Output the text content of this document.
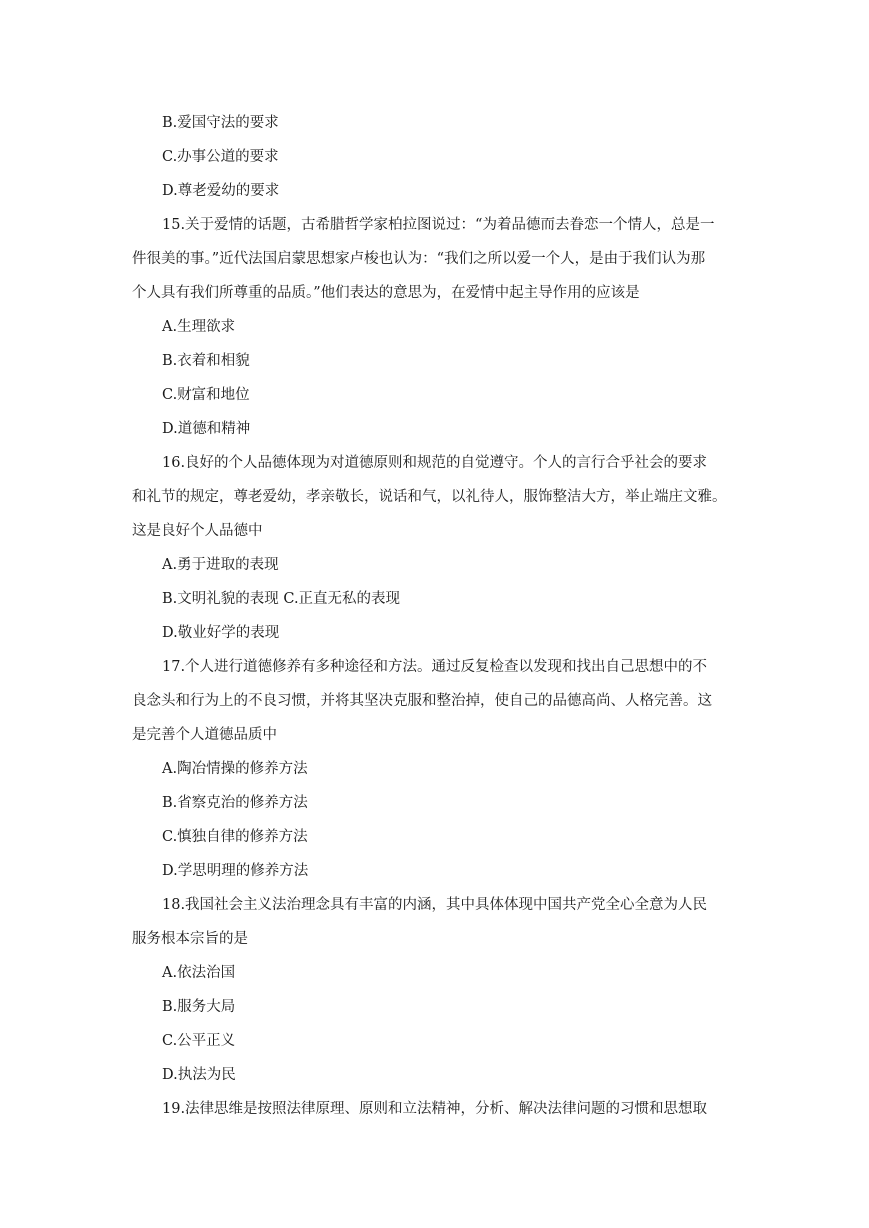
B.爱国守法的要求

C.办事公道的要求

D.尊老爱幼的要求

15.关于爱情的话题，古希腊哲学家柏拉图说过：“为着品德而去眷恋一个情人，总是一

件很美的事。”近代法国启蒙思想家卢梭也认为：“我们之所以爱一个人，是由于我们认为那

个人具有我们所尊重的品质。”他们表达的意思为，在爱情中起主导作用的应该是

A.生理欲求

B.衣着和相貌

C.财富和地位

D.道德和精神

16.良好的个人品德体现为对道德原则和规范的自觉遵守。个人的言行合乎社会的要求

和礼节的规定，尊老爱幼，孝亲敬长，说话和气，以礼待人，服饰整洁大方，举止端庄文雅。

这是良好个人品德中

A.勇于进取的表现

B.文明礼貌的表现 C.正直无私的表现

D.敬业好学的表现

17.个人进行道德修养有多种途径和方法。通过反复检查以发现和找出自己思想中的不

良念头和行为上的不良习惯，并将其坚决克服和整治掉，使自己的品德高尚、人格完善。这

是完善个人道德品质中

A.陶冶情操的修养方法

B.省察克治的修养方法

C.慎独自律的修养方法

D.学思明理的修养方法

18.我国社会主义法治理念具有丰富的内涵，其中具体体现中国共产党全心全意为人民

服务根本宗旨的是

A.依法治国

B.服务大局

C.公平正义

D.执法为民

19.法律思维是按照法律原理、原则和立法精神，分析、解决法律问题的习惯和思想取
